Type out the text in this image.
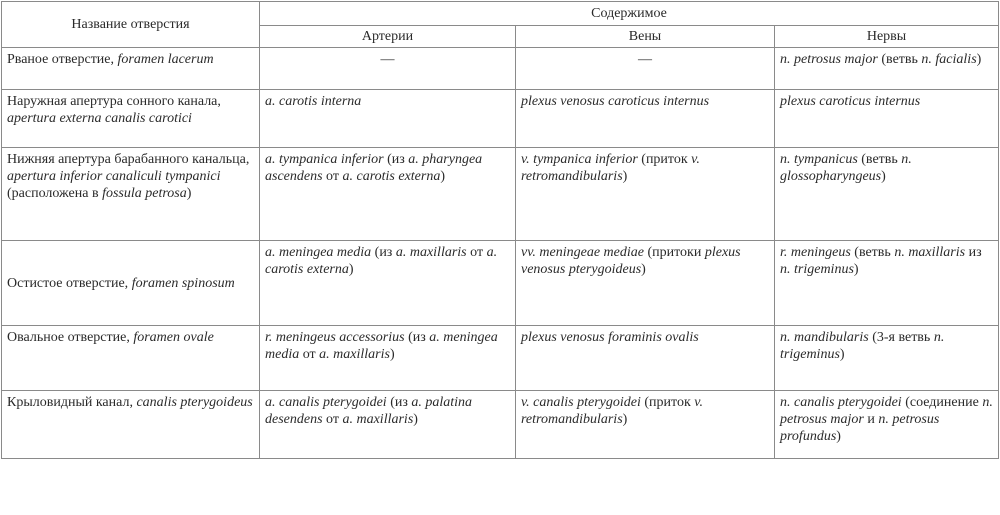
Название отверстия	Содержимое		
	Артерии	Вены	Нервы
Рваное отверстие, foramen lacerum	—	—	n. petrosus major (ветвь n. facialis)
Наружная апертура сонного канала, apertura externa canalis carotici	a. carotis interna	plexus venosus caroticus internus	plexus caroticus internus
Нижняя апертура барабанного канальца, apertura inferior canaliculi tympanici (расположена в fossula petrosa)	a. tympanica inferior (из a. pharyngea ascendens от a. carotis externa)	v. tympanica inferior (приток v. retromandibularis)	n. tympanicus (ветвь n. glossopharyngeus)
Остистое отверстие, foramen spinosum	a. meningea media (из a. maxillaris от a. carotis externa)	vv. meningeae mediae (притоки plexus venosus pterygoideus)	r. meningeus (ветвь n. maxillaris из n. trigeminus)
Овальное отверстие, foramen ovale	r. meningeus accessorius (из a. meningea media от a. maxillaris)	plexus venosus foraminis ovalis	n. mandibularis (3-я ветвь n. trigeminus)
Крыловидный канал, canalis pterygoideus	a. canalis pterygoidei (из a. palatina desendens от a. maxillaris)	v. canalis pterygoidei (приток v. retromandibularis)	n. canalis pterygoidei (соединение n. petrosus major и n. petrosus profundus)
